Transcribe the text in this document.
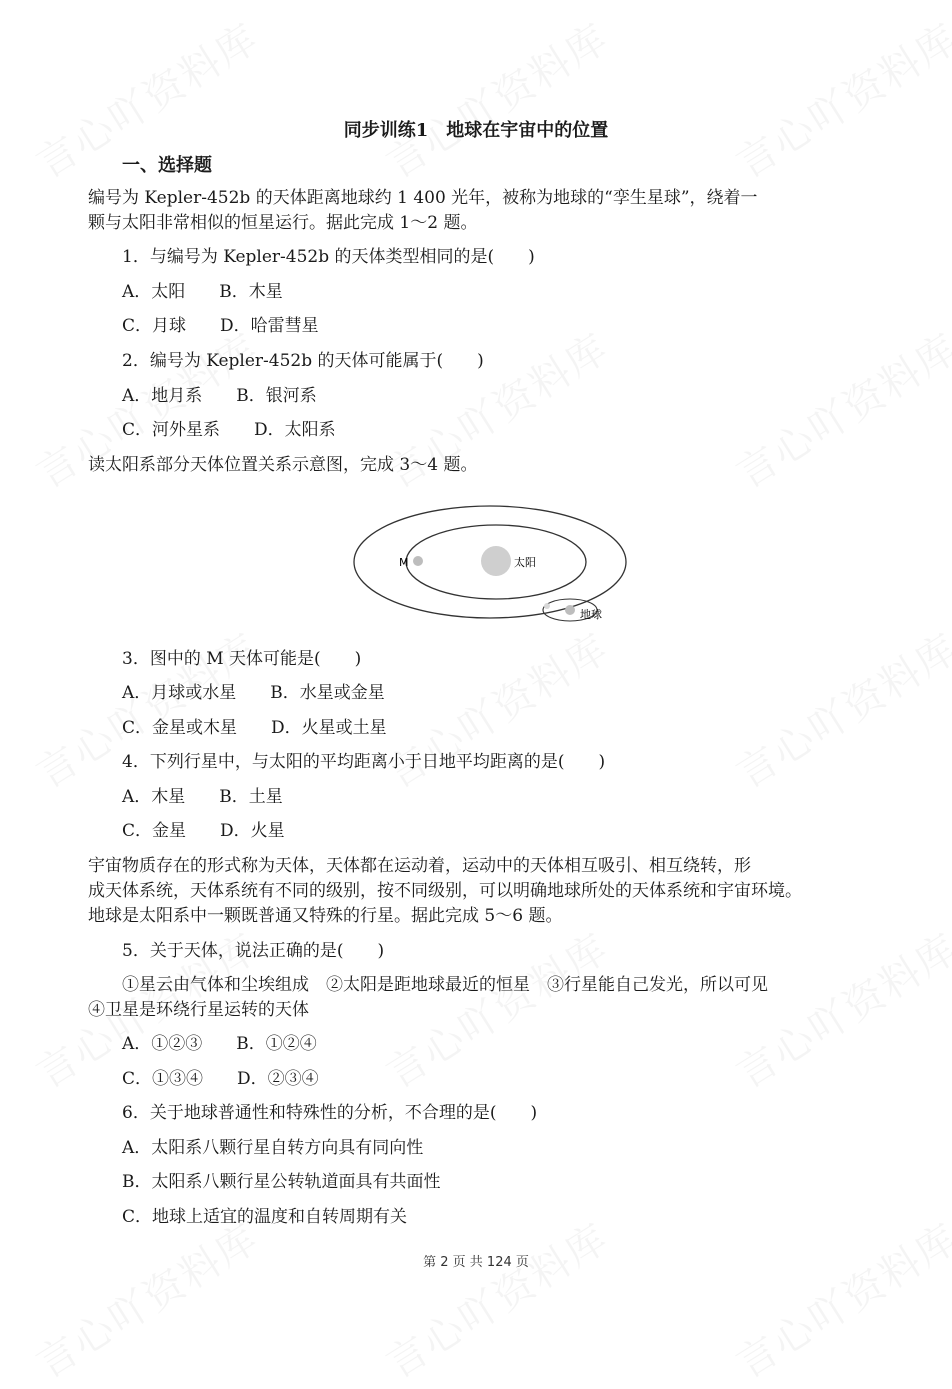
同步训练1　地球在宇宙中的位置
一、选择题
编号为 Kepler-452b 的天体距离地球约 1 400 光年，被称为地球的“孪生星球”，绕着一
颗与太阳非常相似的恒星运行。据此完成 1～2 题。
1．与编号为 Kepler-452b 的天体类型相同的是(　　)
A．太阳　　B．木星
C．月球　　D．哈雷彗星
2．编号为 Kepler-452b 的天体可能属于(　　)
A．地月系　　B．银河系
C．河外星系　　D．太阳系
读太阳系部分天体位置关系示意图，完成 3～4 题。
M	太阳
地球
3．图中的 M 天体可能是(　　)
A．月球或水星　　B．水星或金星
C．金星或木星　　D．火星或土星
4．下列行星中，与太阳的平均距离小于日地平均距离的是(　　)
A．木星　　B．土星
C．金星　　D．火星
宇宙物质存在的形式称为天体，天体都在运动着，运动中的天体相互吸引、相互绕转，形
成天体系统，天体系统有不同的级别，按不同级别，可以明确地球所处的天体系统和宇宙环境。
地球是太阳系中一颗既普通又特殊的行星。据此完成 5～6 题。
5．关于天体，说法正确的是(　　)
①星云由气体和尘埃组成　②太阳是距地球最近的恒星　③行星能自己发光，所以可见
④卫星是环绕行星运转的天体
A．①②③　　B．①②④
C．①③④　　D．②③④
6．关于地球普通性和特殊性的分析，不合理的是(　　)
A．太阳系八颗行星自转方向具有同向性
B．太阳系八颗行星公转轨道面具有共面性
C．地球上适宜的温度和自转周期有关
第 2 页 共 124 页
